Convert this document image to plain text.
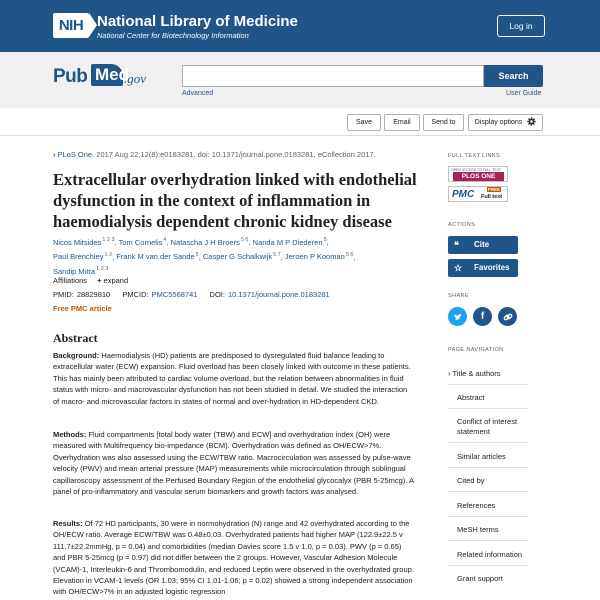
NIH National Library of Medicine
National Center for Biotechnology Information
Log in
Pub Med
.gov	Search
Advanced	User Guide
Save	Email	Send to	Display options
› PLoS One. 2017 Aug 22;12(8):e0183281. doi: 10.1371/journal.pone.0183281. eCollection 2017.
Extracellular overhydration linked with endothelial dysfunction in the context of inflammation in haemodialysis dependent chronic kidney disease
Nicos Mitsides$^{1 2 3}$, Tom Cornelis$^4$, Natascha J H Broers$^{5 6}$, Nanda M P Diederen$^5$,
Paul Brenchley$^{1 2}$, Frank M van der Sande$^5$, Casper G Schalkwijk$^{5 7}$, Jeroen P Kooman$^{5 6}$,
Sandip Mitra$^{1 2 3}$
Affiliations + expand
PMID: 28829810 PMCID: PMC5568741 DOI: 10.1371/journal.pone.0183281
Free PMC article
Abstract

Background: Haemodialysis (HD) patients are predisposed to dysregulated fluid balance leading to extracellular water (ECW) expansion. Fluid overload has been closely linked with outcome in these patients. This has mainly been attributed to cardiac volume overload, but the relation between abnormalities in fluid status with micro- and macrovascular dysfunction has not been studied in detail. We studied the interaction of macro- and microvascular factors in states of normal and over-hydration in HD-dependent CKD.

Methods: Fluid compartments [total body water (TBW) and ECW] and overhydration index (OH) were measured with Multifrequency bio-impedance (BCM). Overhydration was defined as OH/ECW>7%. Overhydration was also assessed using the ECW/TBW ratio. Macrocirculation was assessed by pulse-wave velocity (PWV) and mean arterial pressure (MAP) measurements while microcirculation through sublingual capillaroscopy assessment of the Perfused Boundary Region of the endothelial glycocalyx (PBR 5-25mcg). A panel of pro-inflammatory and vascular serum biomarkers and growth factors was analysed.

Results: Of 72 HD participants, 30 were in normohydration (N) range and 42 overhydrated according to the OH/ECW ratio. Average ECW/TBW was 0.48±0.03. Overhydrated patients had higher MAP (122.9±22.5 v 111.7±22.2mmHg, p = 0.04) and comorbidities (median Davies score 1.5 v 1.0, p = 0.03). PWV (p = 0.65) and PBR 5-25mcg (p = 0.97) did not differ between the 2 groups. However, Vascular Adhesion Molecule (VCAM)-1, Interleukin-6 and Thrombomodulin, and reduced Leptin were observed in the overhydrated group. Elevation in VCAM-1 levels (OR 1.03; 95% CI 1.01-1.06; p = 0.02) showed a strong independent association with OH/ECW>7% in an adjusted logistic regression

FULL TEXT LINKS
OPEN ACCESS TO FULL TEXT
PLOS ONE
PMC	FREE
Full text
ACTIONS
❝ Cite
☆ Favorites
SHARE
f
PAGE NAVIGATION
› Title & authors
Abstract
Conflict of interest statement
Similar articles
Cited by
References
MeSH terms
Related information
Grant support
